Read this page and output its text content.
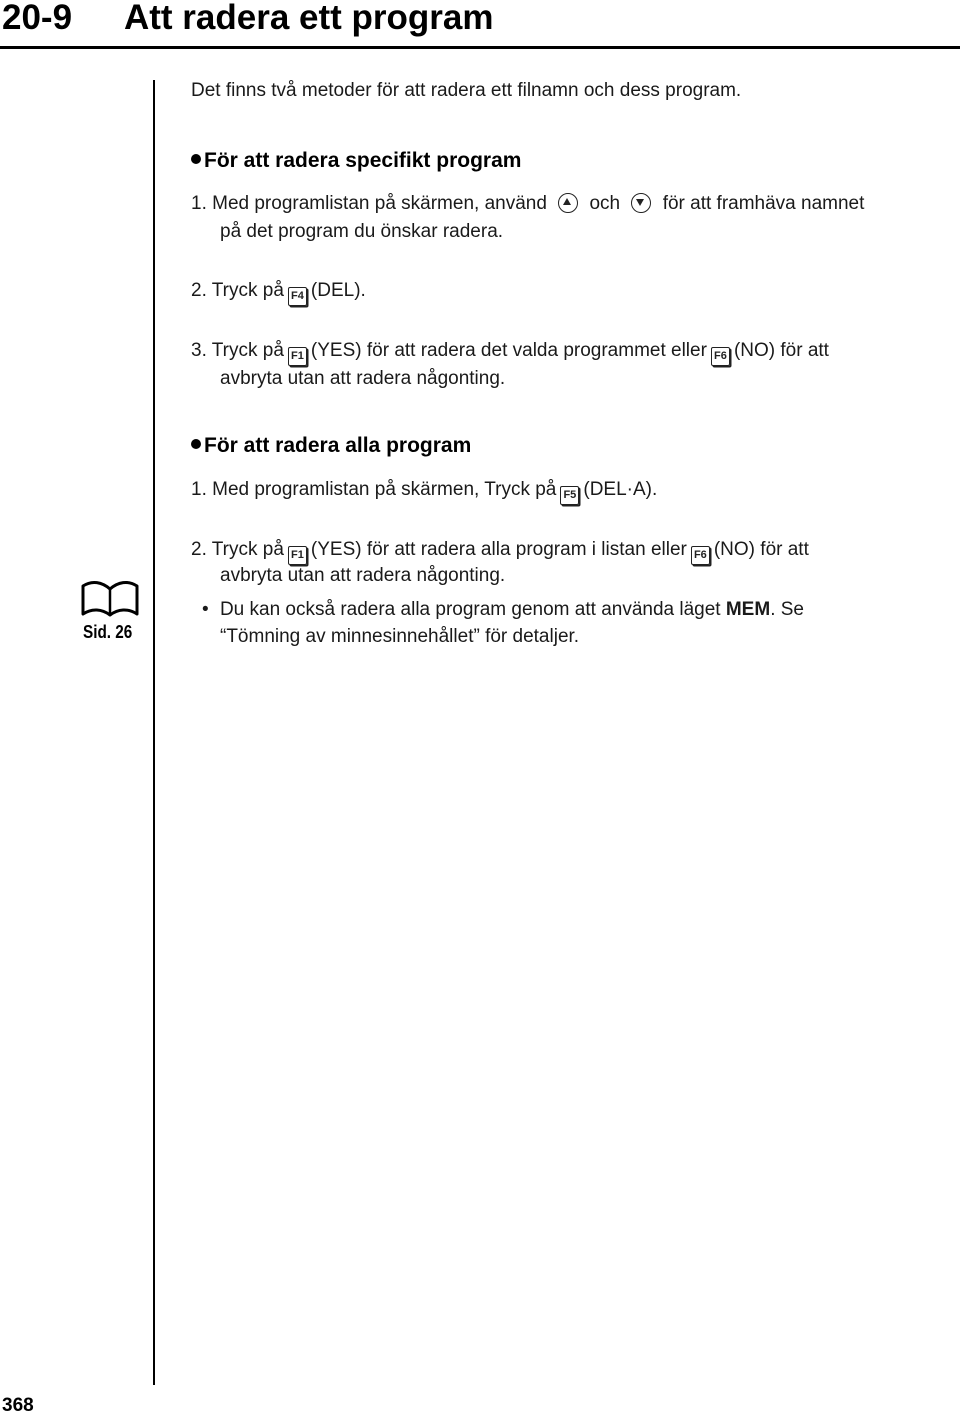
20-9 Att radera ett program
Det finns två metoder för att radera ett filnamn och dess program.
För att radera specifikt program
1. Med programlistan på skärmen, använd och för att framhäva namnet
på det program du önskar radera.
2. Tryck på F4 (DEL).
3. Tryck på F1 (YES) för att radera det valda programmet eller F6 (NO) för att
avbryta utan att radera någonting.
För att radera alla program
1. Med programlistan på skärmen, Tryck på F5 (DEL·A).
2. Tryck på F1 (YES) för att radera alla program i listan eller F6 (NO) för att
avbryta utan att radera någonting.
• Du kan också radera alla program genom att använda läget MEM. Se
“Tömning av minnesinnehållet” för detaljer.
Sid. 26
368
